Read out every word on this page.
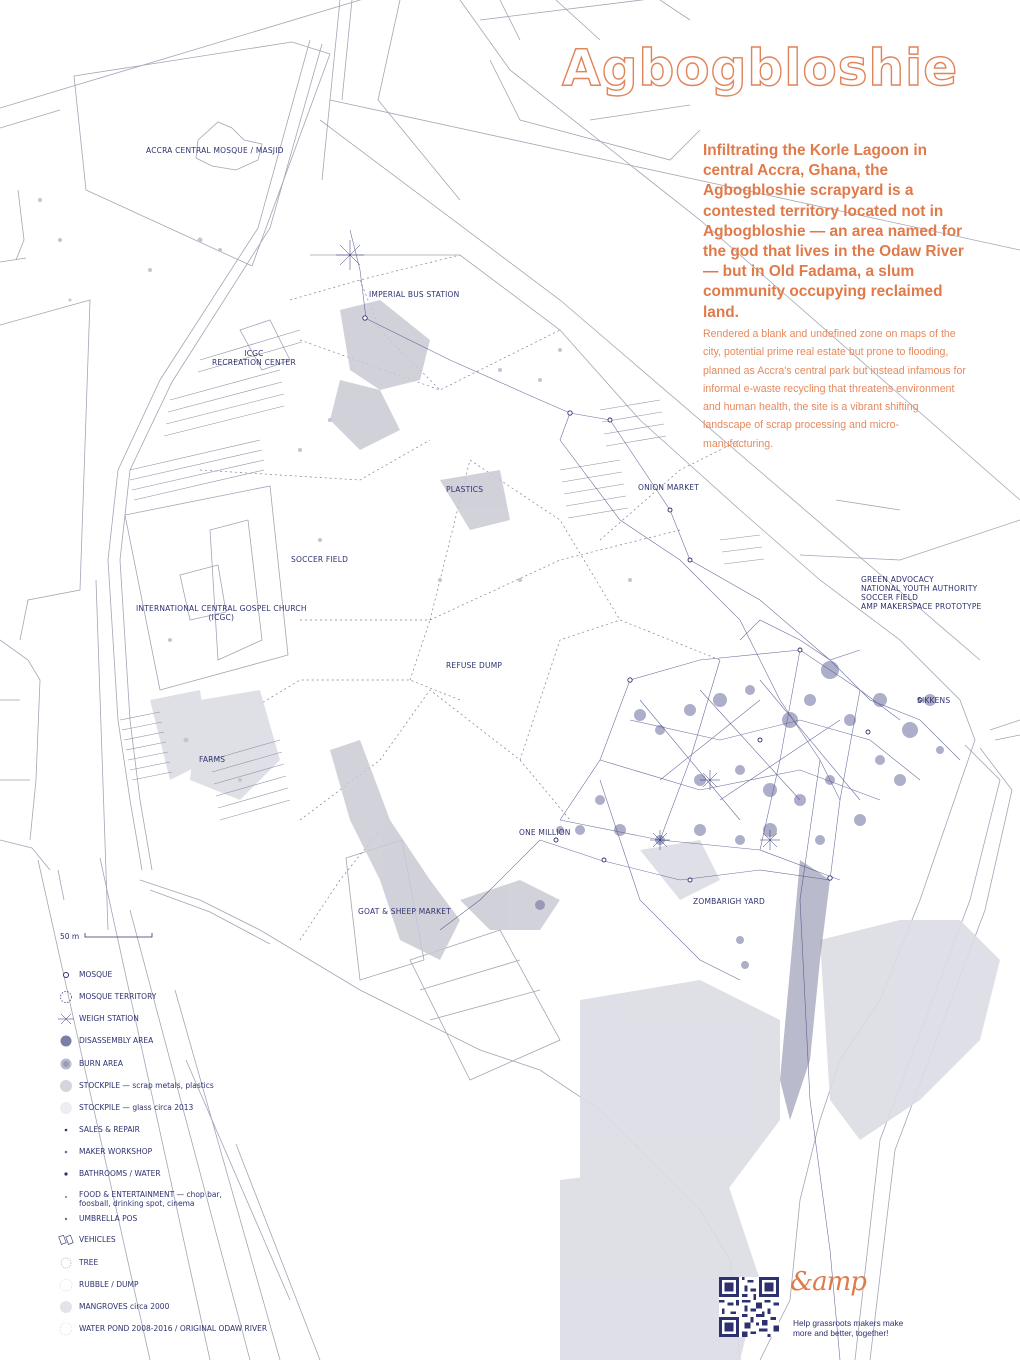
Agbogbloshie
Infiltrating the Korle Lagoon in central Accra, Ghana, the Agbogbloshie scrapyard is a contested territory located not in Agbogbloshie — an area named for the god that lives in the Odaw River — but in Old Fadama, a slum community occupying reclaimed land.
Rendered a blank and undefined zone on maps of the city, potential prime real estate but prone to flooding, planned as Accra's central park but instead infamous for informal e-waste recycling that threatens environment and human health, the site is a vibrant shifting landscape of scrap processing and micro-manufacturing.
ACCRA CENTRAL MOSQUE / MASJID
IMPERIAL BUS STATION
ICGC
RECREATION CENTER
PLASTICS	ONION MARKET
SOCCER FIELD
INTERNATIONAL CENTRAL GOSPEL CHURCH
(ICGC)
GREEN ADVOCACY
NATIONAL YOUTH AUTHORITY
SOCCER FIELD
AMP MAKERSPACE PROTOTYPE
REFUSE DUMP
SIKKENS
FARMS
ONE MILLION
ZOMBARIGH YARD
GOAT & SHEEP MARKET
50 m
MOSQUE
MOSQUE TERRITORY
WEIGH STATION
DISASSEMBLY AREA
BURN AREA
STOCKPILE — scrap metals, plastics
STOCKPILE — glass circa 2013
SALES & REPAIR
MAKER WORKSHOP
BATHROOMS / WATER
FOOD & ENTERTAINMENT — chop bar, foosball, drinking spot, cinema
UMBRELLA POS
VEHICLES
TREE
RUBBLE / DUMP
MANGROVES circa 2000
WATER POND 2008-2016 / ORIGINAL ODAW RIVER
&amp
Help grassroots makers make more and better, together!
